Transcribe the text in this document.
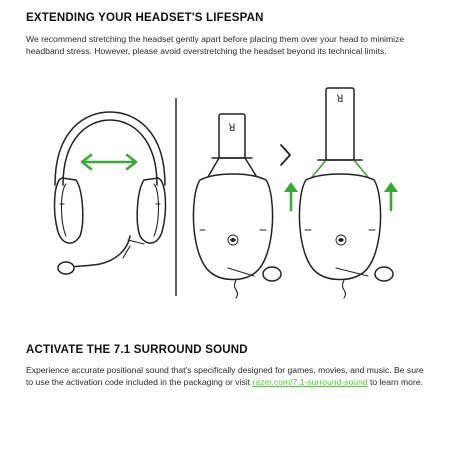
EXTENDING YOUR HEADSET'S LIFESPAN

We recommend stretching the headset gently apart before placing them over your head to minimize headband stress. However, please avoid overstretching the headset beyond its technical limits.

ꓤ
ꓤ
ACTIVATE THE 7.1 SURROUND SOUND

Experience accurate positional sound that's specifically designed for games, movies, and music. Be sure to use the activation code included in the packaging or visit razer.com/7.1-surround-sound to learn more.
